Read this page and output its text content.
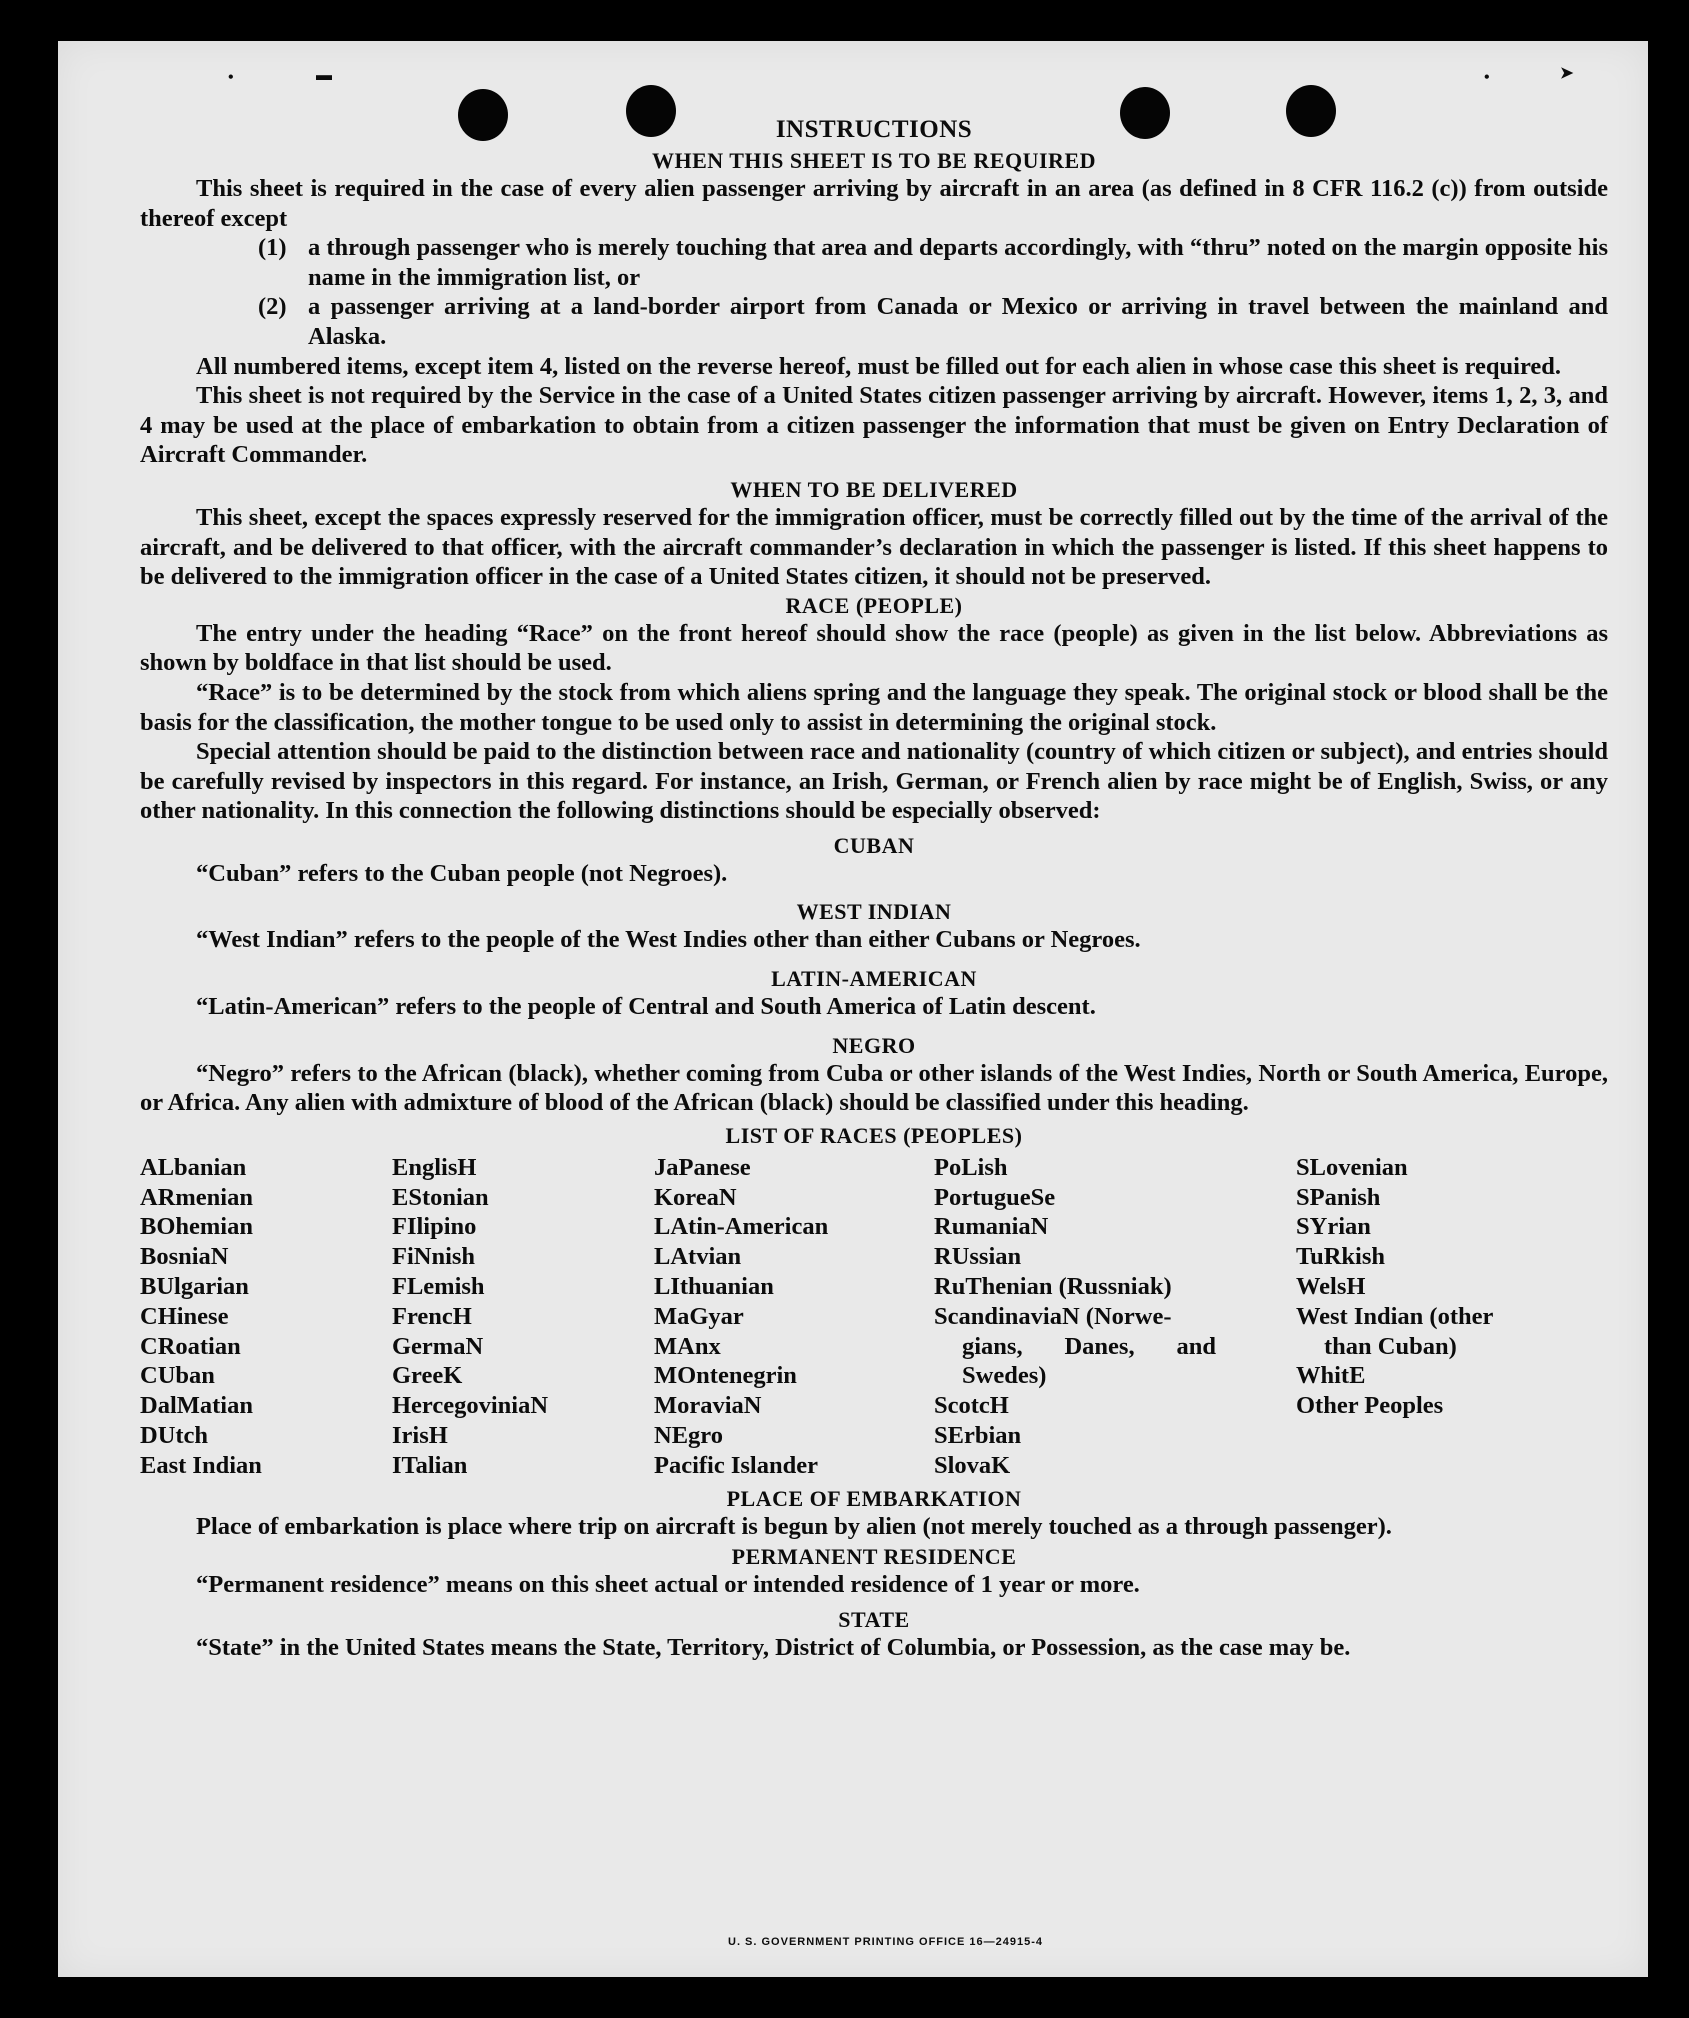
•	▬	•	➤

INSTRUCTIONS

WHEN THIS SHEET IS TO BE REQUIRED

This sheet is required in the case of every alien passenger arriving by aircraft in an area (as defined in 8 CFR 116.2 (c)) from outside thereof except

(1) a through passenger who is merely touching that area and departs accordingly, with “thru” noted on the margin opposite his name in the immigration list, or
(2) a passenger arriving at a land-border airport from Canada or Mexico or arriving in travel between the mainland and Alaska.

All numbered items, except item 4, listed on the reverse hereof, must be filled out for each alien in whose case this sheet is required.

This sheet is not required by the Service in the case of a United States citizen passenger arriving by aircraft. However, items 1, 2, 3, and 4 may be used at the place of embarkation to obtain from a citizen passenger the information that must be given on Entry Declaration of Aircraft Commander.

WHEN TO BE DELIVERED

This sheet, except the spaces expressly reserved for the immigration officer, must be correctly filled out by the time of the arrival of the aircraft, and be delivered to that officer, with the aircraft commander’s declaration in which the passenger is listed. If this sheet happens to be delivered to the immigration officer in the case of a United States citizen, it should not be preserved.

RACE (PEOPLE)

The entry under the heading “Race” on the front hereof should show the race (people) as given in the list below. Abbreviations as shown by boldface in that list should be used.

“Race” is to be determined by the stock from which aliens spring and the language they speak. The original stock or blood shall be the basis for the classification, the mother tongue to be used only to assist in determining the original stock.

Special attention should be paid to the distinction between race and nationality (country of which citizen or subject), and entries should be carefully revised by inspectors in this regard. For instance, an Irish, German, or French alien by race might be of English, Swiss, or any other nationality. In this connection the following distinctions should be especially observed:

CUBAN

“Cuban” refers to the Cuban people (not Negroes).

WEST INDIAN

“West Indian” refers to the people of the West Indies other than either Cubans or Negroes.

LATIN-AMERICAN

“Latin-American” refers to the people of Central and South America of Latin descent.

NEGRO

“Negro” refers to the African (black), whether coming from Cuba or other islands of the West Indies, North or South America, Europe, or Africa. Any alien with admixture of blood of the African (black) should be classified under this heading.

LIST OF RACES (PEOPLES)

ALbanian
ARmenian
BOhemian
BosniaN
BUlgarian
CHinese
CRoatian
CUban
DalMatian
DUtch
East Indian
EnglisH
EStonian
FIlipino
FiNnish
FLemish
FrencH
GermaN
GreeK
HercegoviniaN
IrisH
ITalian
JaPanese
KoreaN
LAtin-American
LAtvian
LIthuanian
MaGyar
MAnx
MOntenegrin
MoraviaN
NEgro
Pacific Islander
PoLish
PortugueSe
RumaniaN
RUssian
RuThenian (Russniak)
ScandinaviaN (Norwe-
gians, Danes, and
Swedes)
ScotcH
SErbian
SlovaK
SLovenian
SPanish
SYrian
TuRkish
WelsH
West Indian (other
than Cuban)
WhitE
Other Peoples

PLACE OF EMBARKATION

Place of embarkation is place where trip on aircraft is begun by alien (not merely touched as a through passenger).

PERMANENT RESIDENCE

“Permanent residence” means on this sheet actual or intended residence of 1 year or more.

STATE

“State” in the United States means the State, Territory, District of Columbia, or Possession, as the case may be.

U. S. GOVERNMENT PRINTING OFFICE 16—24915-4
